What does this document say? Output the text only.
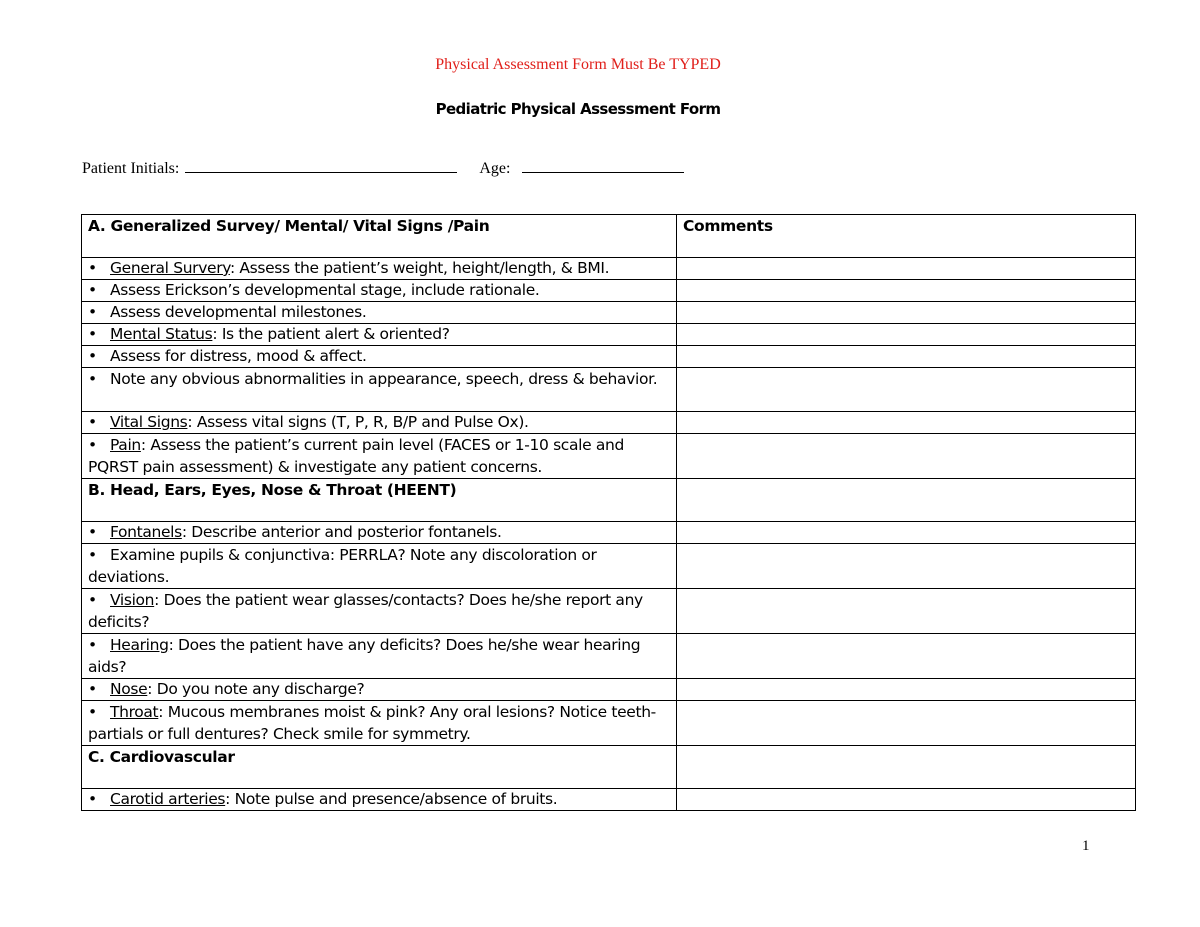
Physical Assessment Form Must Be TYPED
Pediatric Physical Assessment Form
Patient Initials:	Age:
A. Generalized Survey/ Mental/ Vital Signs /Pain	Comments
• General Survery: Assess the patient’s weight, height/length, & BMI.	
• Assess Erickson’s developmental stage, include rationale.	
• Assess developmental milestones.	
• Mental Status: Is the patient alert & oriented?	
• Assess for distress, mood & affect.	
• Note any obvious abnormalities in appearance, speech, dress & behavior.	
• Vital Signs: Assess vital signs (T, P, R, B/P and Pulse Ox).	
• Pain: Assess the patient’s current pain level (FACES or 1-10 scale and PQRST pain assessment) & investigate any patient concerns.	
B. Head, Ears, Eyes, Nose & Throat (HEENT)	
• Fontanels: Describe anterior and posterior fontanels.	
• Examine pupils & conjunctiva: PERRLA? Note any discoloration or deviations.	
• Vision: Does the patient wear glasses/contacts? Does he/she report any deficits?	
• Hearing: Does the patient have any deficits? Does he/she wear hearing aids?	
• Nose: Do you note any discharge?	
• Throat: Mucous membranes moist & pink? Any oral lesions? Notice teeth- partials or full dentures? Check smile for symmetry.	
C. Cardiovascular	
• Carotid arteries: Note pulse and presence/absence of bruits.	
1
